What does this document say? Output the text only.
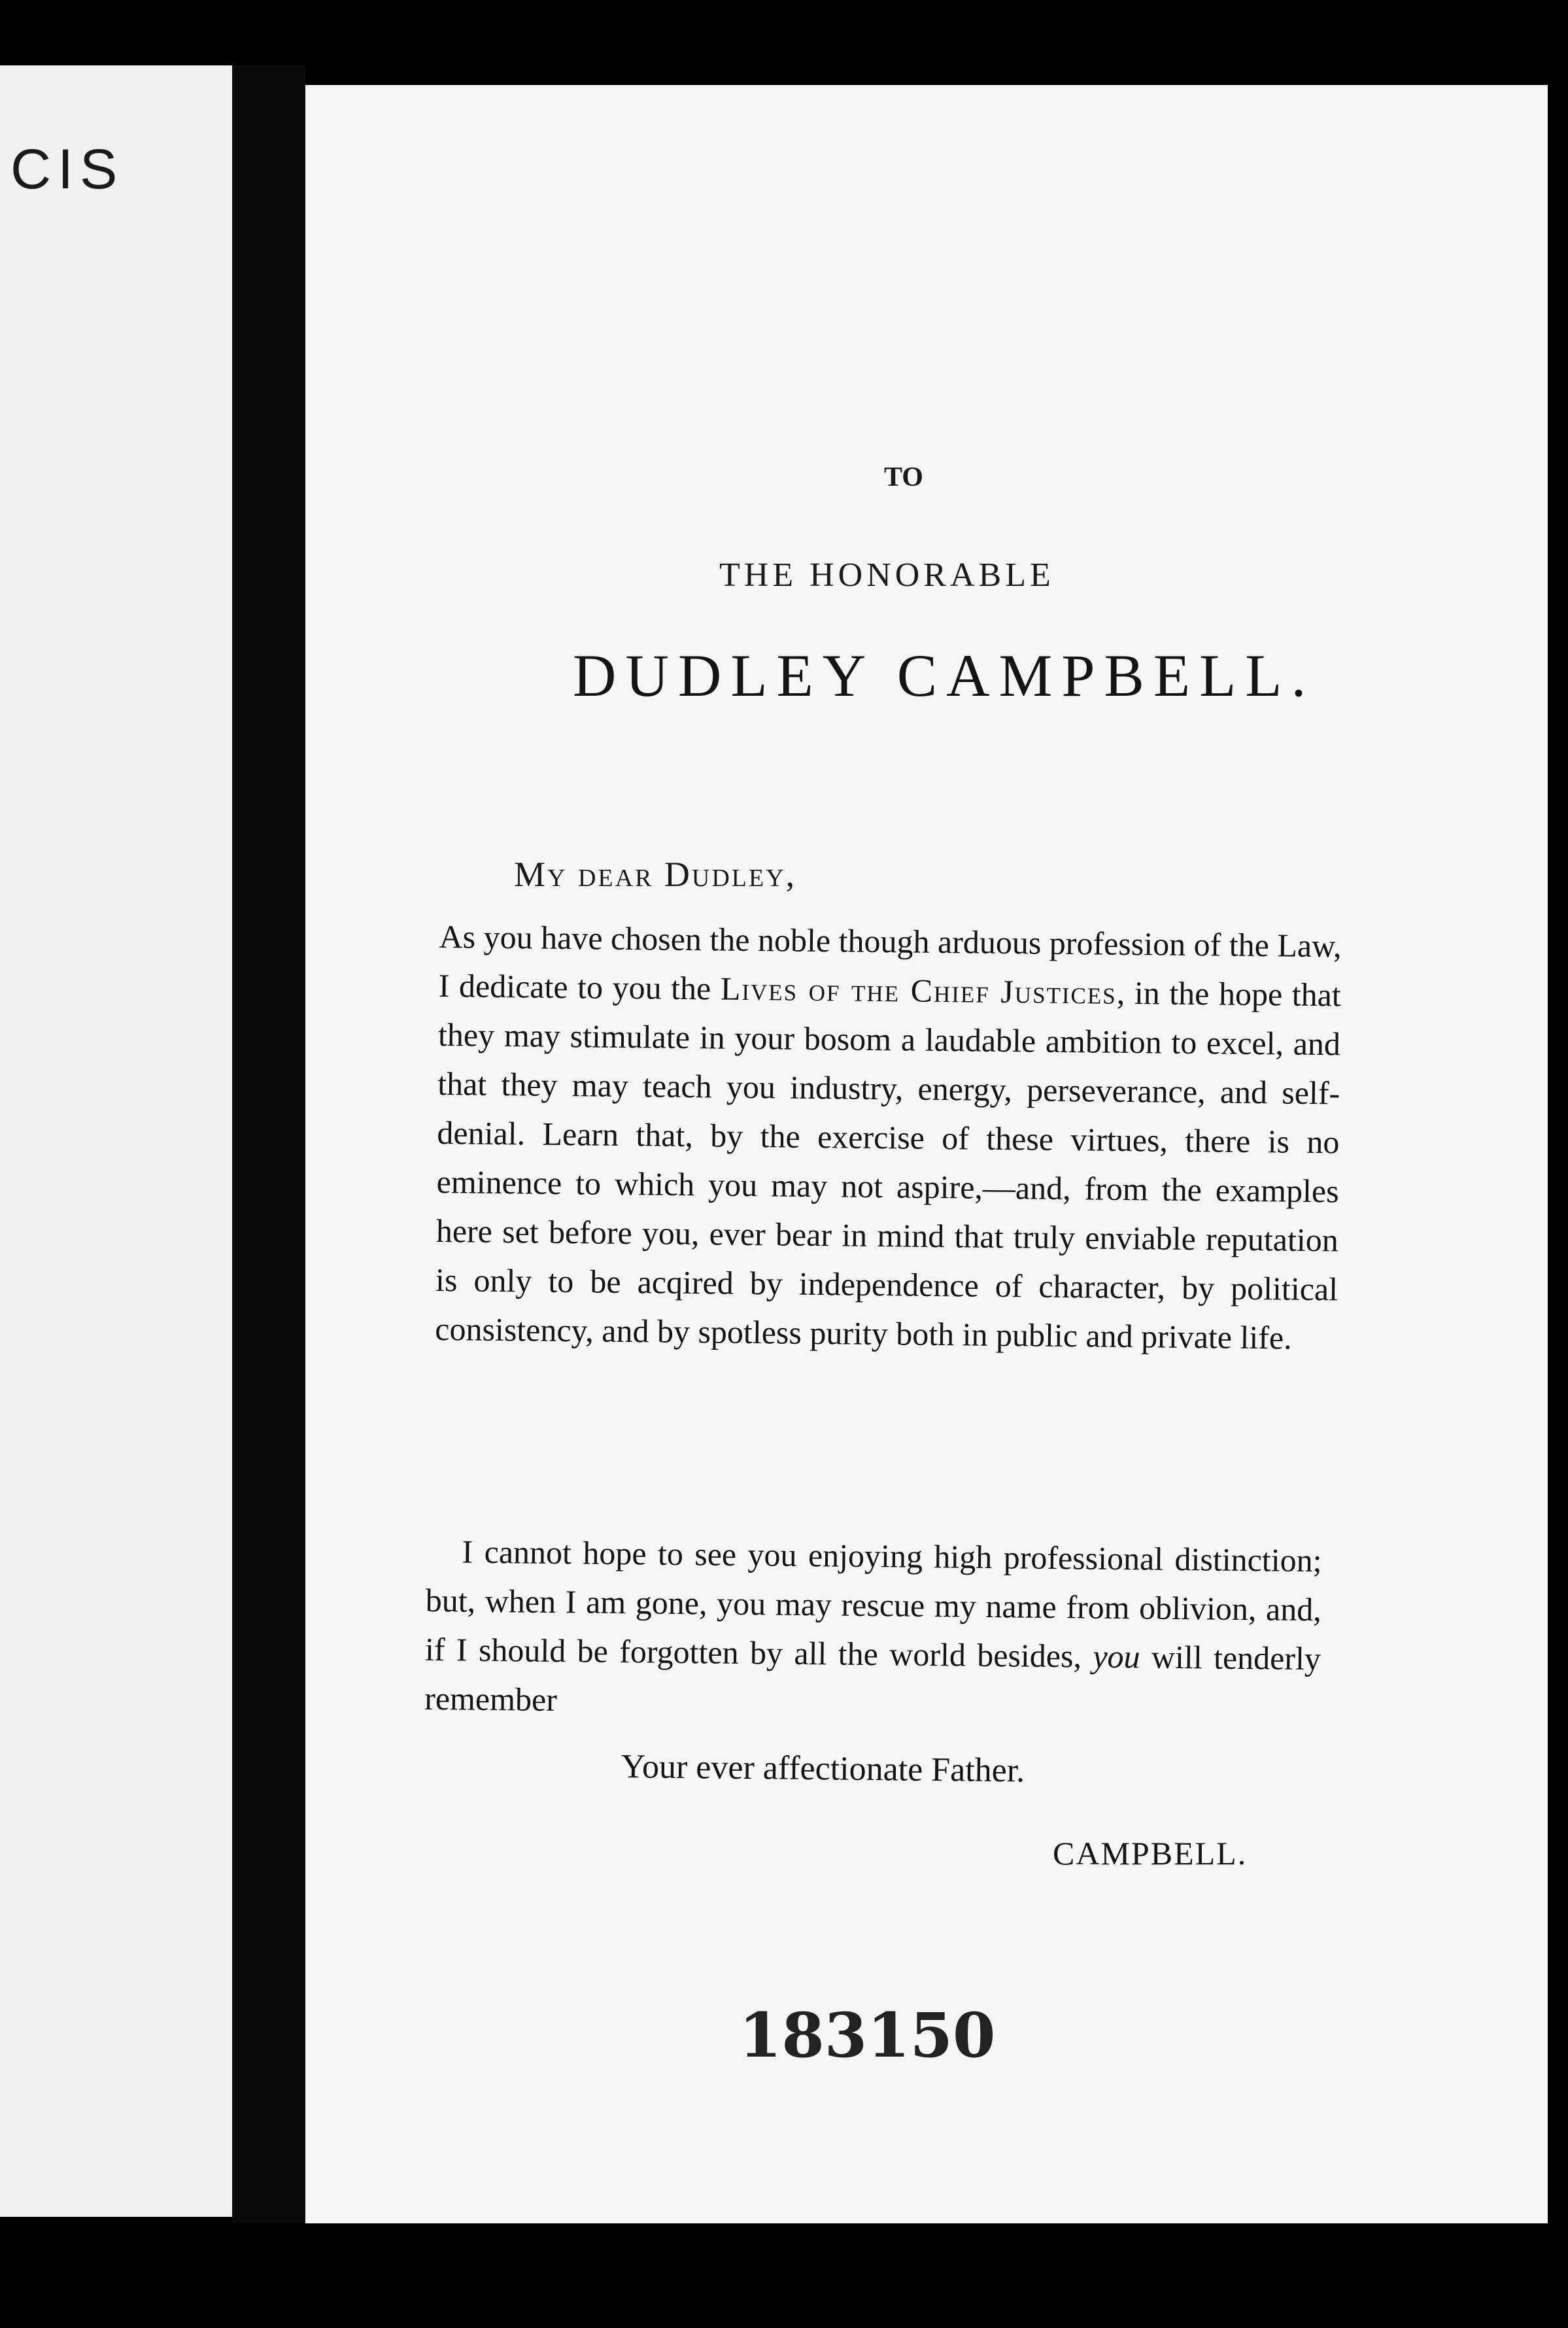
CIS
TO
THE HONORABLE
DUDLEY CAMPBELL.
My dear Dudley,
As you have chosen the noble though arduous profession of the Law, I dedicate to you the Lives of the Chief Justices, in the hope that they may stimulate in your bosom a laudable ambition to excel, and that they may teach you industry, energy, perseverance, and self-denial. Learn that, by the exercise of these virtues, there is no eminence to which you may not aspire,—and, from the examples here set before you, ever bear in mind that truly enviable reputation is only to be acqired by independence of character, by political consistency, and by spotless purity both in public and private life.
I cannot hope to see you enjoying high professional distinction; but, when I am gone, you may rescue my name from oblivion, and, if I should be forgotten by all the world besides, you will tenderly remember
Your ever affectionate Father.
CAMPBELL.
183150
